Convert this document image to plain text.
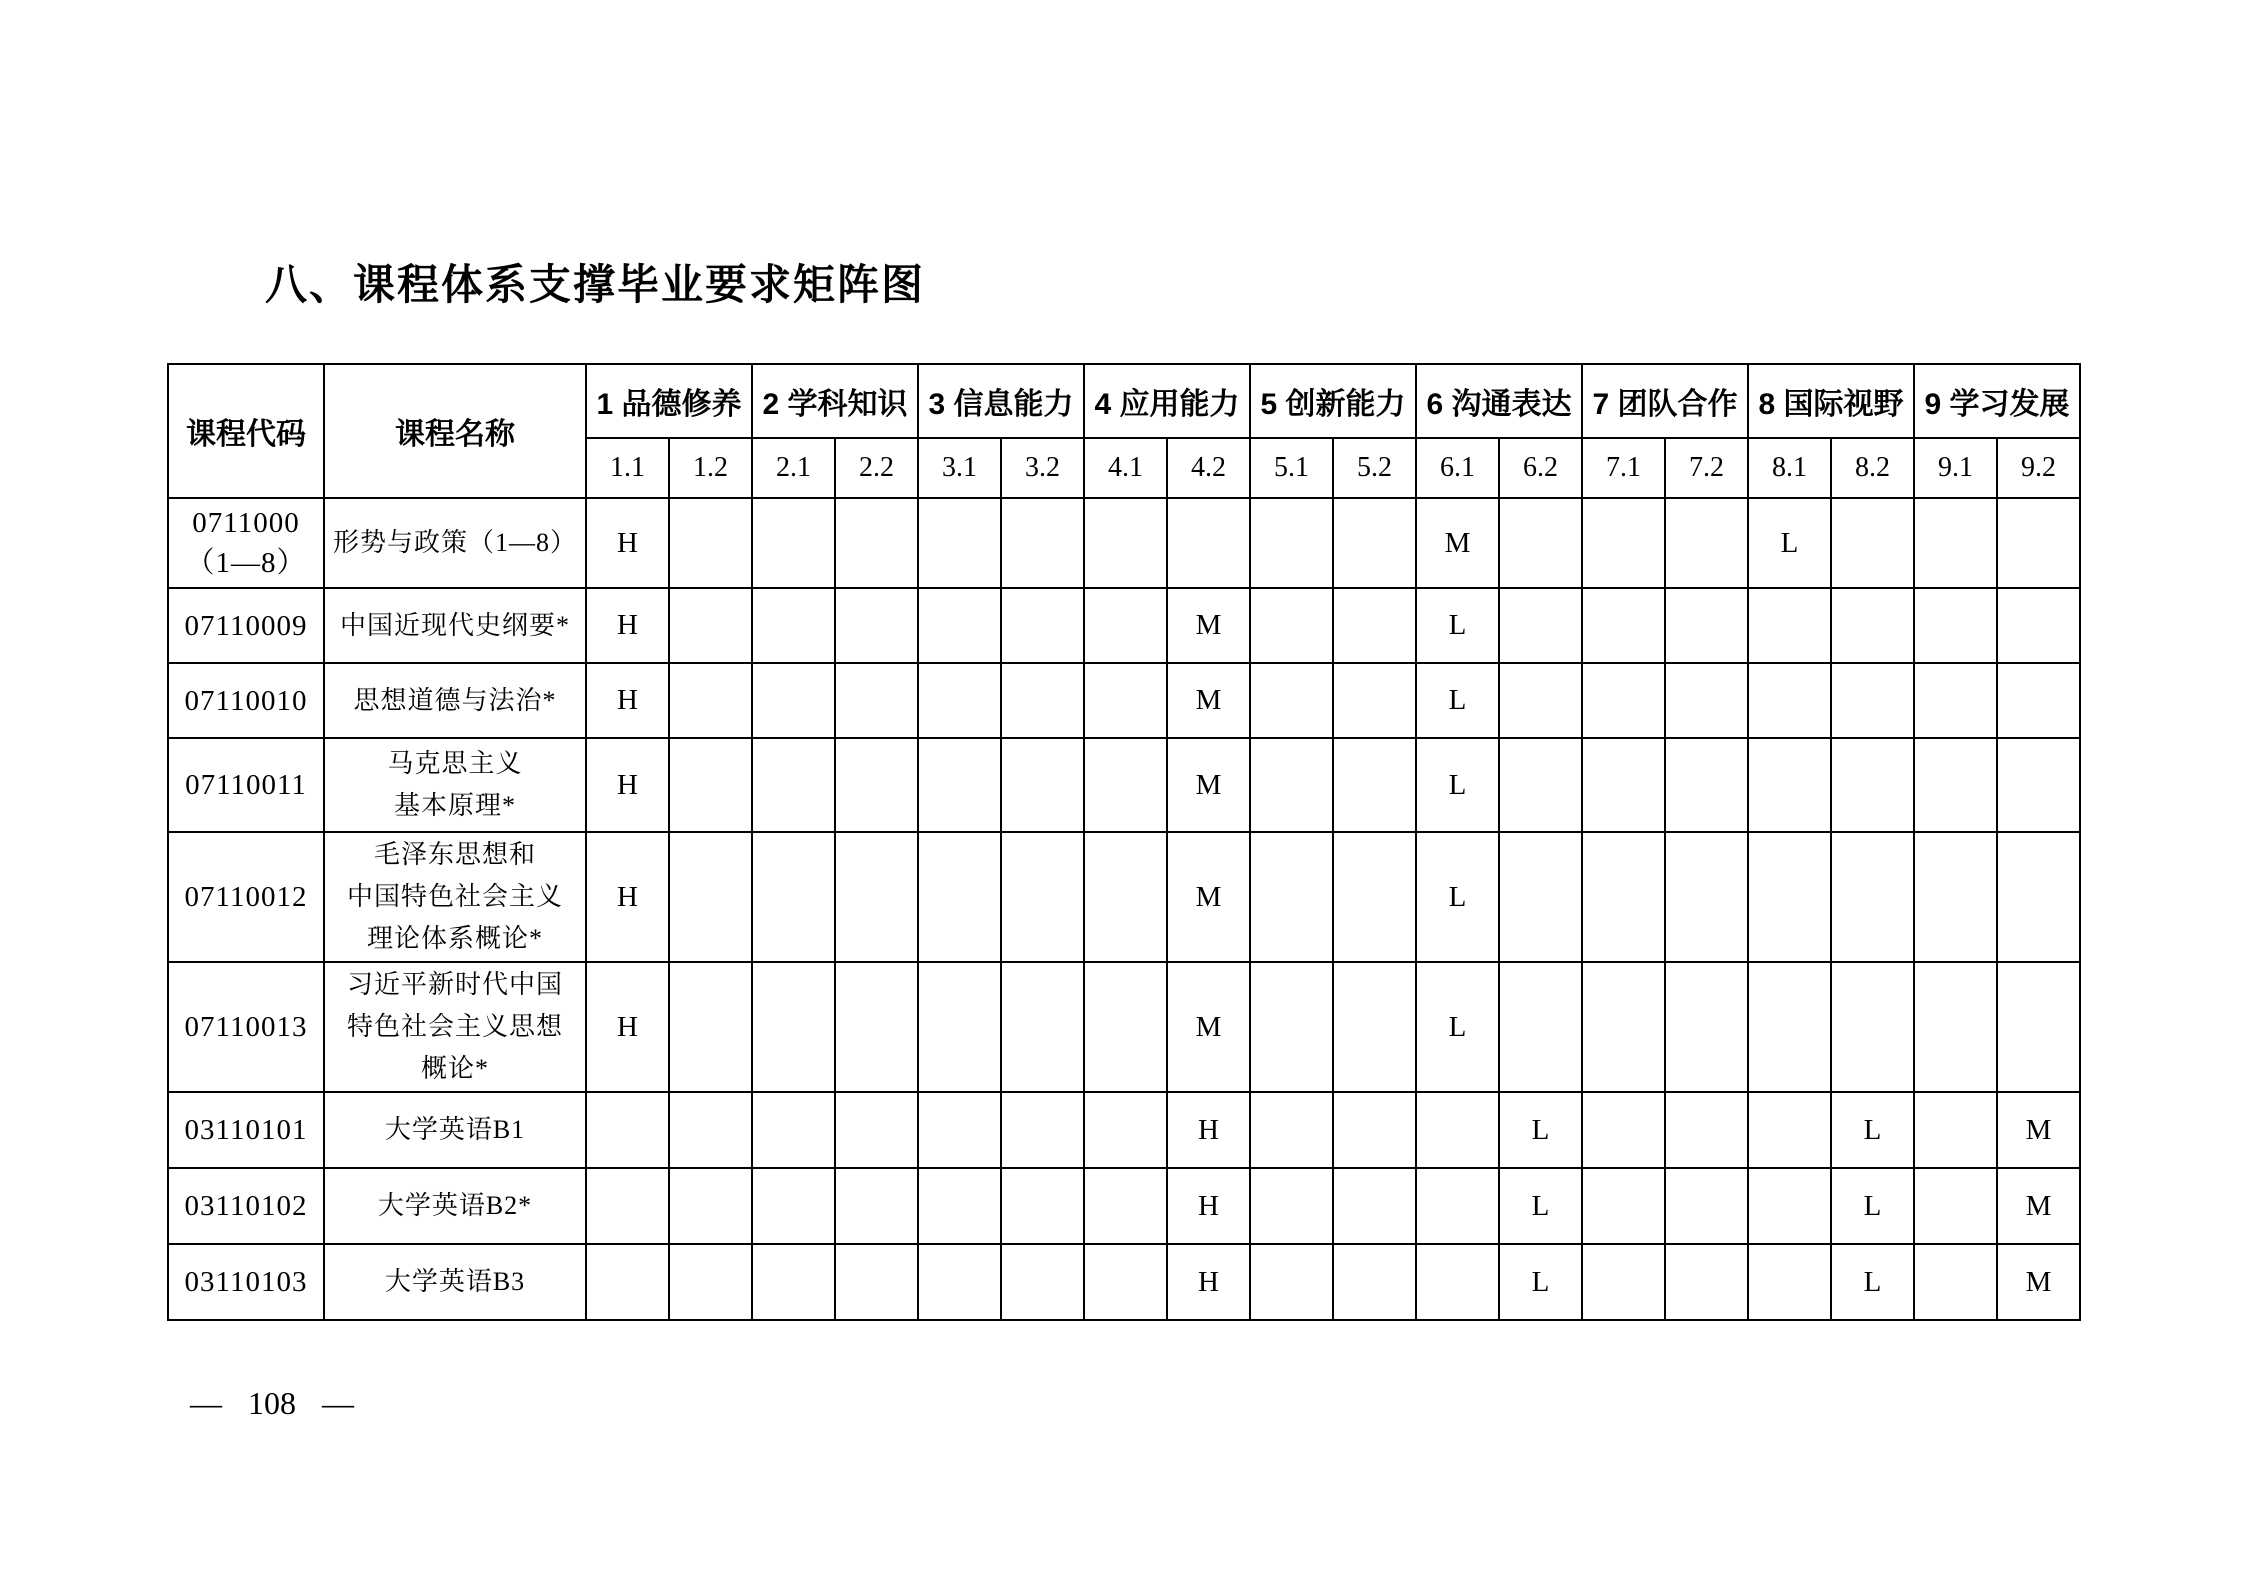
八、课程体系支撑毕业要求矩阵图
课程代码	课程名称	1 品德修养		2 学科知识		3 信息能力		4 应用能力		5 创新能力		6 沟通表达		7 团队合作		8 国际视野		9 学习发展	
		1.1	1.2	2.1	2.2	3.1	3.2	4.1	4.2	5.1	5.2	6.1	6.2	7.1	7.2	8.1	8.2	9.1	9.2

0711000
（1—8）	形势与政策（1—8）	H										M				L			

07110009	中国近现代史纲要*	H							M			L							

07110010	思想道德与法治*	H							M			L							

07110011	马克思主义
基本原理*	H							M			L							

07110012	毛泽东思想和
中国特色社会主义
理论体系概论*	H							M			L							

07110013	习近平新时代中国
特色社会主义思想
概论*	H							M			L							

03110101	大学英语B1								H				L				L		M

03110102	大学英语B2*								H				L				L		M

03110103	大学英语B3								H				L				L		M
— 108 —
